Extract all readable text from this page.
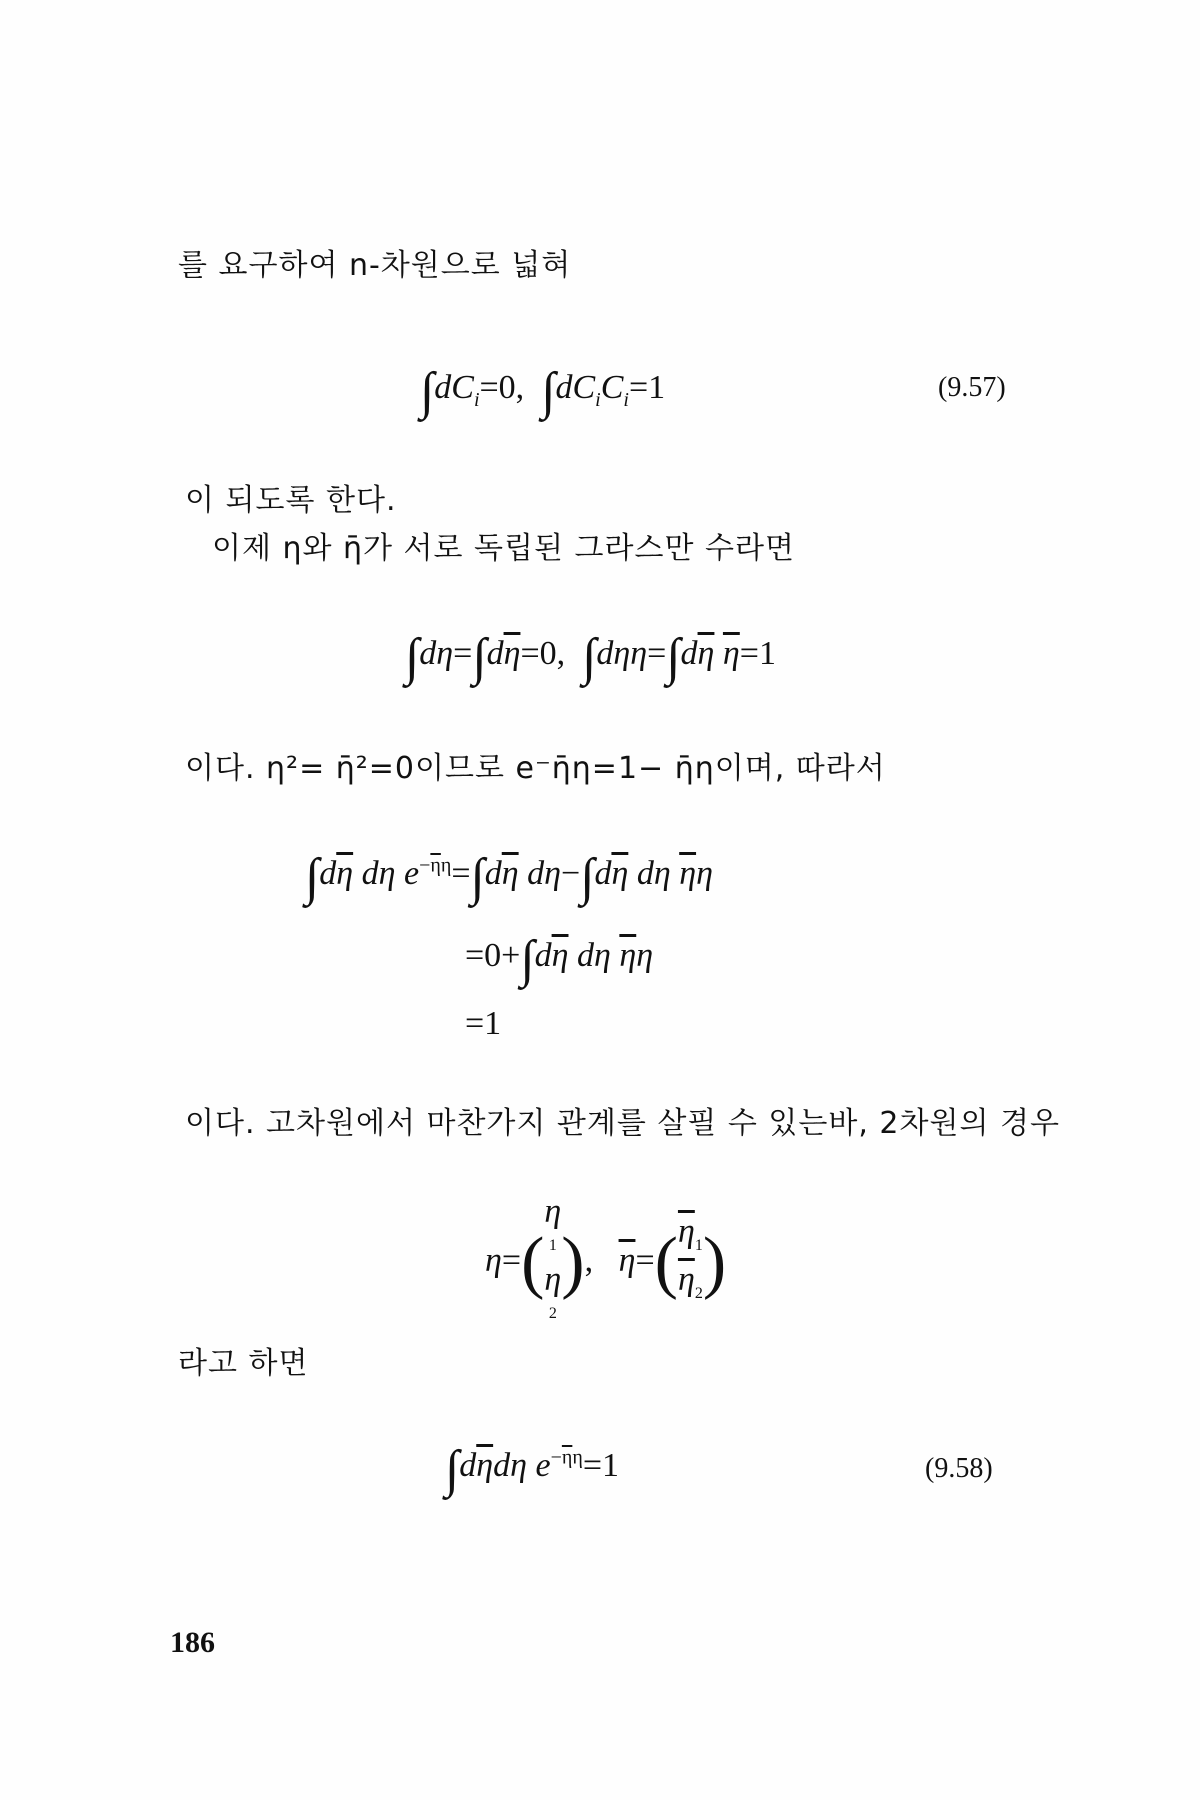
를 요구하여 n-차원으로 넓혀
$\int dC_i=0$,  $\int dC_iC_i=1$	(9.57)
이 되도록 한다.
이제 η와 η̄가 서로 독립된 그라스만 수라면
$\int d\eta=\int d\overline{\eta}=0$,  $\int d\eta\eta=\int d\overline{\eta}$ $\overline{\eta}=1$
이다. η²= η̄²=0이므로 e⁻η̄η=1− η̄η이며, 따라서
$\int d\overline{\eta}$ dη $e^{-\overline{\eta}\eta}=\int d\overline{\eta}$ $d\eta-\int d\overline{\eta}$ dη $\overline{\eta}\eta$
$=0+\int d\overline{\eta}$ dη $\overline{\eta}\eta$
=1
이다. 고차원에서 마찬가지 관계를 살필 수 있는바, 2차원의 경우
η=(
η
1
η
2
),   $\overline{\eta}=$( $\overline{\eta}_1$
$\overline{\eta}_2$ )
라고 하면
$\int d\overline{\eta}d\eta$ $e^{-\overline{\eta}\eta}=1$	(9.58)
186
